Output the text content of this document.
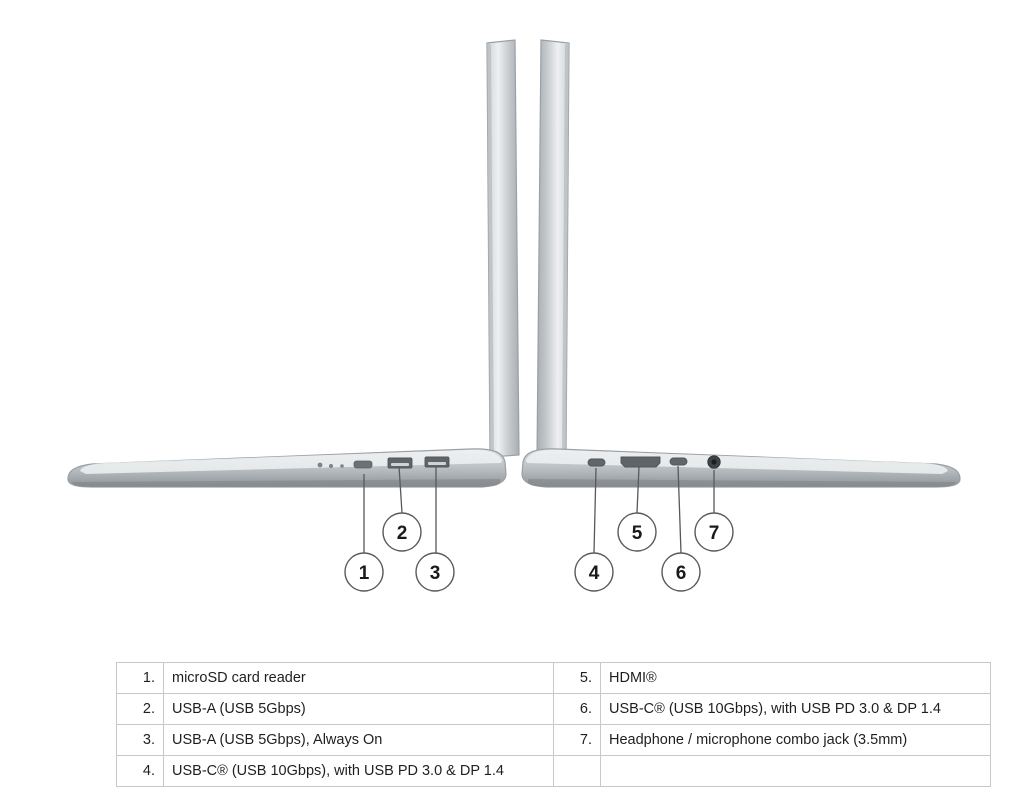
1
2
3	4
5
6
7
1.	microSD card reader	5.	HDMI®
2.	USB-A (USB 5Gbps)	6.	USB-C® (USB 10Gbps), with USB PD 3.0 & DP 1.4
3.	USB-A (USB 5Gbps), Always On	7.	Headphone / microphone combo jack (3.5mm)
4.	USB-C® (USB 10Gbps), with USB PD 3.0 & DP 1.4		
